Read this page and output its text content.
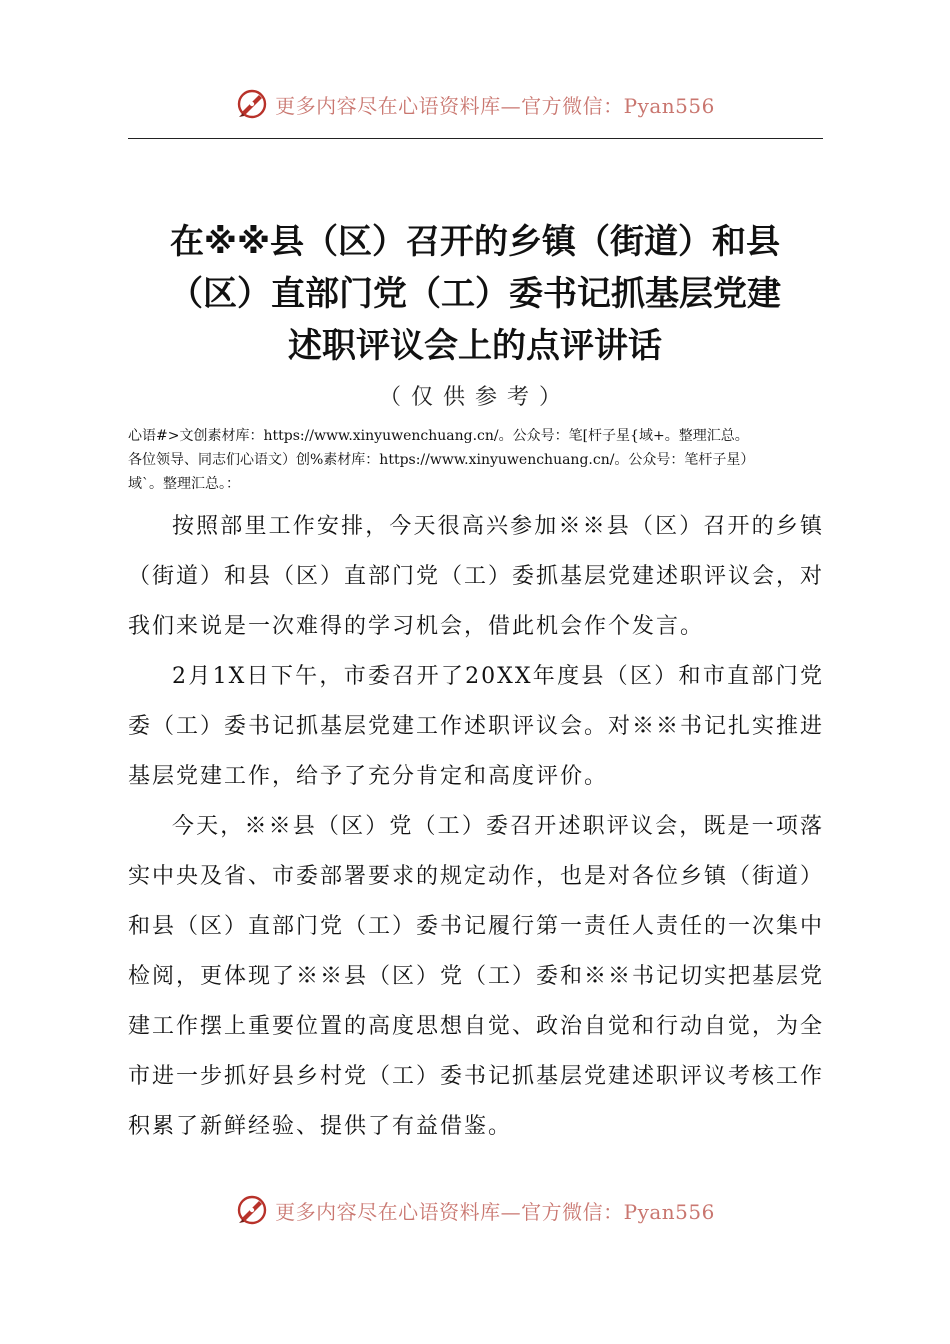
更多内容尽在心语资料库—官方微信：Pyan556
在※※县（区）召开的乡镇（街道）和县
（区）直部门党（工）委书记抓基层党建
述职评议会上的点评讲话
（仅供参考）
心语#>文创素材库：https://www.xinyuwenchuang.cn/。公众号：笔[杆子星{域+。整理汇总。
各位领导、同志们心语文）创%素材库：https://www.xinyuwenchuang.cn/。公众号：笔杆子星）
域`。整理汇总。：

按照部里工作安排，今天很高兴参加※※县（区）召开的乡镇（街道）和县（区）直部门党（工）委抓基层党建述职评议会，对我们来说是一次难得的学习机会，借此机会作个发言。

2月1X日下午，市委召开了20XX年度县（区）和市直部门党委（工）委书记抓基层党建工作述职评议会。对※※书记扎实推进基层党建工作，给予了充分肯定和高度评价。

今天，※※县（区）党（工）委召开述职评议会，既是一项落实中央及省、市委部署要求的规定动作，也是对各位乡镇（街道）和县（区）直部门党（工）委书记履行第一责任人责任的一次集中检阅，更体现了※※县（区）党（工）委和※※书记切实把基层党建工作摆上重要位置的高度思想自觉、政治自觉和行动自觉，为全市进一步抓好县乡村党（工）委书记抓基层党建述职评议考核工作积累了新鲜经验、提供了有益借鉴。

更多内容尽在心语资料库—官方微信：Pyan556
